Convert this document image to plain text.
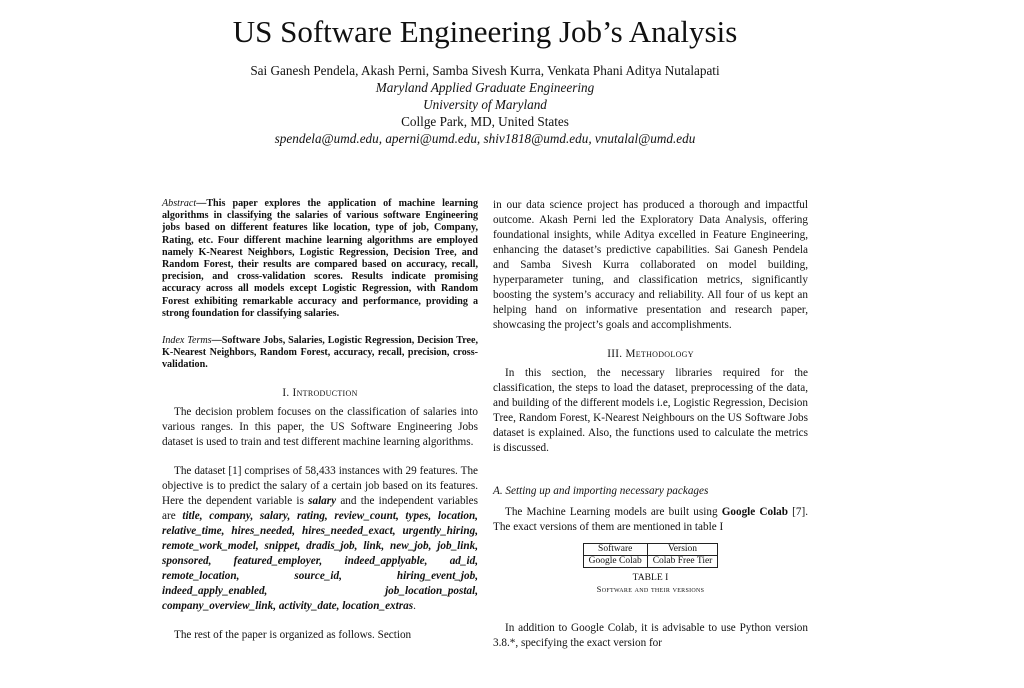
US Software Engineering Job’s Analysis
Sai Ganesh Pendela, Akash Perni, Samba Sivesh Kurra, Venkata Phani Aditya Nutalapati
Maryland Applied Graduate Engineering
University of Maryland
Collge Park, MD, United States
spendela@umd.edu, aperni@umd.edu, shiv1818@umd.edu, vnutalal@umd.edu
Abstract—This paper explores the application of machine learning algorithms in classifying the salaries of various software Engineering jobs based on different features like location, type of job, Company, Rating, etc. Four different machine learning algorithms are employed namely K-Nearest Neighbors, Logistic Regression, Decision Tree, and Random Forest, their results are compared based on accuracy, recall, precision, and cross-validation scores. Results indicate promising accuracy across all models except Logistic Regression, with Random Forest exhibiting remarkable accuracy and performance, providing a strong foundation for classifying salaries.
Index Terms—Software Jobs, Salaries, Logistic Regression, Decision Tree, K-Nearest Neighbors, Random Forest, accuracy, recall, precision, cross-validation.
I. Introduction

The decision problem focuses on the classification of salaries into various ranges. In this paper, the US Software Engineering Jobs dataset is used to train and test different machine learning algorithms.

The dataset [1] comprises of 58,433 instances with 29 features. The objective is to predict the salary of a certain job based on its features. Here the dependent variable is salary and the independent variables are title, company, salary, rating, review_count, types, location, relative_time, hires_needed, hires_needed_exact, urgently_hiring, remote_work_model, snippet, dradis_job, link, new_job, job_link, sponsored, featured_employer, indeed_applyable, ad_id, remote_location, source_id, hiring_event_job, indeed_apply_enabled, job_location_postal, company_overview_link, activity_date, location_extras.

The rest of the paper is organized as follows. Section

in our data science project has produced a thorough and impactful outcome. Akash Perni led the Exploratory Data Analysis, offering foundational insights, while Aditya excelled in Feature Engineering, enhancing the dataset’s predictive capabilities. Sai Ganesh Pendela and Samba Sivesh Kurra collaborated on model building, hyperparameter tuning, and classification metrics, significantly boosting the system’s accuracy and reliability. All four of us kept an helping hand on informative presentation and research paper, showcasing the project’s goals and accomplishments.

III. Methodology

In this section, the necessary libraries required for the classification, the steps to load the dataset, preprocessing of the data, and building of the different models i.e, Logistic Regression, Decision Tree, Random Forest, K-Nearest Neighbours on the US Software Jobs dataset is explained. Also, the functions used to calculate the metrics is discussed.

A. Setting up and importing necessary packages

The Machine Learning models are built using Google Colab [7]. The exact versions of them are mentioned in table I

Software	Version
Google Colab	Colab Free Tier
TABLE I
Software and their versions

In addition to Google Colab, it is advisable to use Python version 3.8.*, specifying the exact version for
